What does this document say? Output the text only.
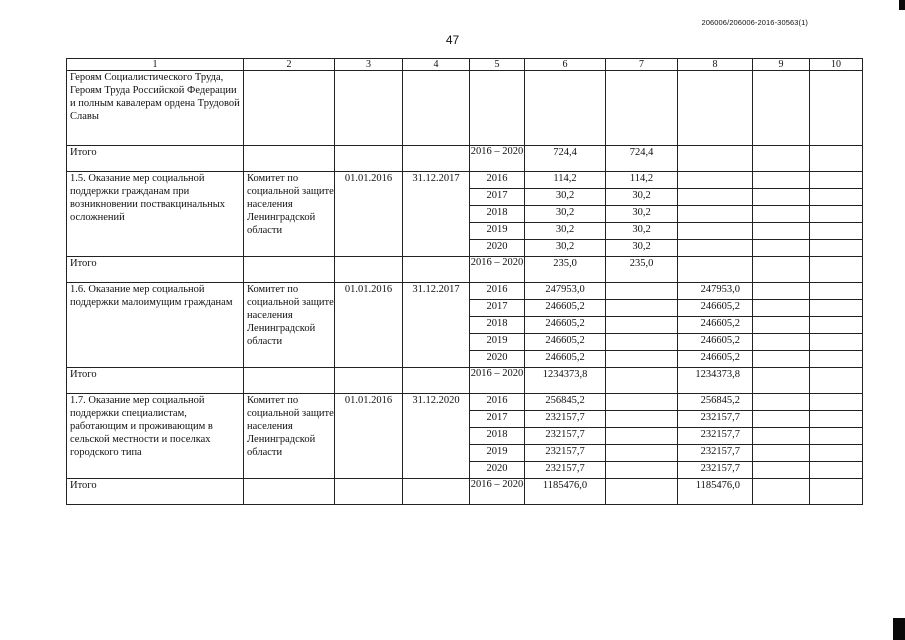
206006/206006-2016-30563(1)
47
1	2	3	4	5	6	7	8	9	10
Героям Социалистического Труда, Героям Труда Российской Федерации и полным кавалерам ордена Трудовой Славы									
Итого				2016 – 2020	724,4	724,4			
1.5. Оказание мер социальной поддержки гражданам при возникновении поствакцинальных осложнений	Комитет по социальной защите населения Ленинградской области	01.01.2016	31.12.2017	2016	114,2	114,2			
				2017	30,2	30,2			
				2018	30,2	30,2			
				2019	30,2	30,2			
				2020	30,2	30,2			
Итого				2016 – 2020	235,0	235,0			
1.6. Оказание мер социальной поддержки малоимущим гражданам	Комитет по социальной защите населения Ленинградской области	01.01.2016	31.12.2017	2016	247953,0		247953,0		
				2017	246605,2		246605,2		
				2018	246605,2		246605,2		
				2019	246605,2		246605,2		
				2020	246605,2		246605,2		
Итого				2016 – 2020	1234373,8		1234373,8		
1.7. Оказание мер социальной поддержки специалистам, работающим и проживающим в сельской местности и поселках городского типа	Комитет по социальной защите населения Ленинградской области	01.01.2016	31.12.2020	2016	256845,2		256845,2		
				2017	232157,7		232157,7		
				2018	232157,7		232157,7		
				2019	232157,7		232157,7		
				2020	232157,7		232157,7		
Итого				2016 – 2020	1185476,0		1185476,0		
